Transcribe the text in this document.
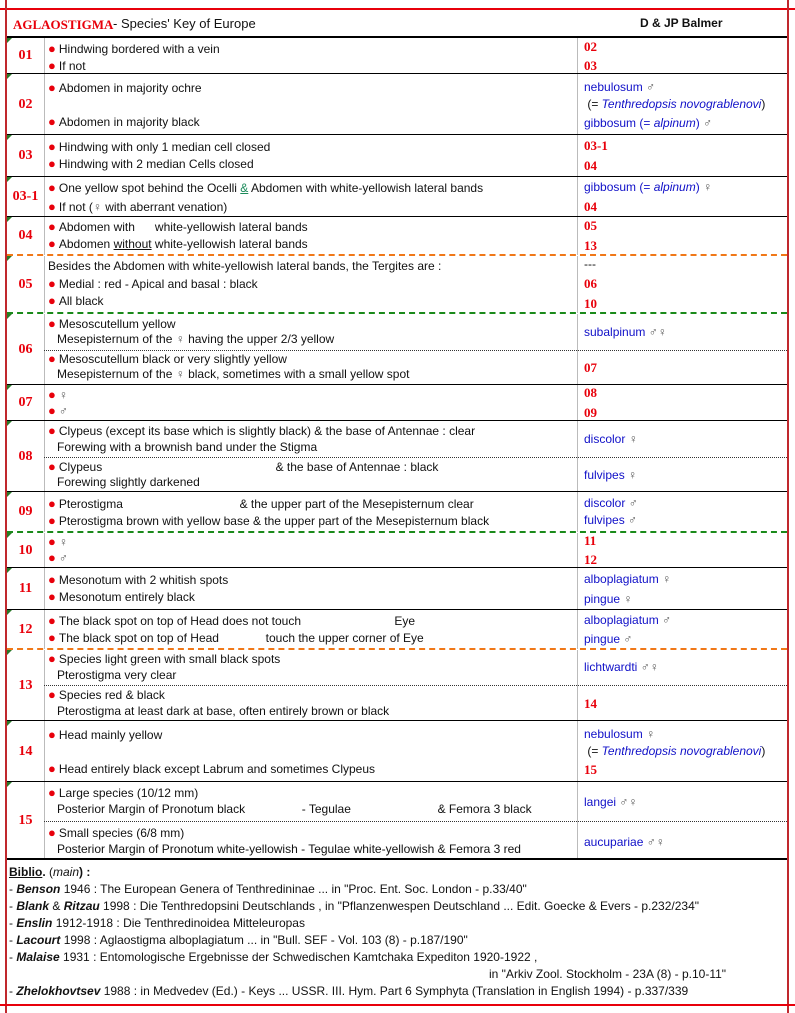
AGLAOSTIGMA - Species' Key of Europe	D & JP Balmer
01	● Hindwing bordered with a vein
● If not
02
03
02
● Abdomen in majority ochre
● Abdomen in majority black
nebulosum ♂
(= Tenthredopsis novograblenovi)
gibbosum (= alpinum) ♂
03
● Hindwing with only 1 median cell closed
● Hindwing with 2 median Cells closed
03-1
04
03-1
● One yellow spot behind the Ocelli & Abdomen with white-yellowish lateral bands
● If not (♀ with aberrant venation)
gibbosum (= alpinum) ♀
04
04
● Abdomen with      white-yellowish lateral bands
● Abdomen without white-yellowish lateral bands
05
13
05
Besides the Abdomen with white-yellowish lateral bands, the Tergites are :
● Medial : red - Apical and basal : black
● All black
---
06
10
06
● Mesoscutellum yellow
Mesepisternum of the ♀ having the upper 2/3 yellow
● Mesoscutellum black or very slightly yellow
Mesepisternum of the ♀ black, sometimes with a small yellow spot
subalpinum ♂♀
07
07
● ♀
● ♂
08
09
08
● Clypeus (except its base which is slightly black) & the base of Antennae : clear
Forewing with a brownish band under the Stigma
● Clypeus                                                    & the base of Antennae : black
Forewing slightly darkened
discolor ♀
fulvipes ♀
09
● Pterostigma                                   & the upper part of the Mesepisternum clear
● Pterostigma brown with yellow base & the upper part of the Mesepisternum black
discolor ♂
fulvipes ♂
10
● ♀
● ♂
11
12
11
● Mesonotum with 2 whitish spots
● Mesonotum entirely black
alboplagiatum ♀
pingue ♀
12
● The black spot on top of Head does not touch                            Eye
● The black spot on top of Head              touch the upper corner of Eye
alboplagiatum ♂
pingue ♂
13
● Species light green with small black spots
Pterostigma very clear
● Species red & black
Pterostigma at least dark at base, often entirely brown or black
lichtwardti ♂♀
14
14
● Head mainly yellow
● Head entirely black except Labrum and sometimes Clypeus
nebulosum ♀
(= Tenthredopsis novograblenovi)
15
15
● Large species (10/12 mm)
Posterior Margin of Pronotum black                 - Tegulae                          & Femora 3 black
● Small species (6/8 mm)
Posterior Margin of Pronotum white-yellowish - Tegulae white-yellowish & Femora 3 red
langei ♂♀
aucupariae ♂♀
Biblio. (main) :
- Benson 1946 : The European Genera of Tenthredininae ... in "Proc. Ent. Soc. London - p.33/40"
- Blank & Ritzau 1998 : Die Tenthredopsini Deutschlands , in "Pflanzenwespen Deutschland ... Edit. Goecke & Evers - p.232/234"
- Enslin 1912-1918 : Die Tenthredinoidea Mitteleuropas
- Lacourt 1998 : Aglaostigma alboplagiatum ... in "Bull. SEF - Vol. 103 (8) - p.187/190"
- Malaise 1931 : Entomologische Ergebnisse der Schwedischen Kamtchaka Expediton 1920-1922 ,
in "Arkiv Zool. Stockholm - 23A (8) - p.10-11"
- Zhelokhovtsev 1988 : in Medvedev (Ed.) - Keys ... USSR. III. Hym. Part 6 Symphyta (Translation in English 1994) - p.337/339
